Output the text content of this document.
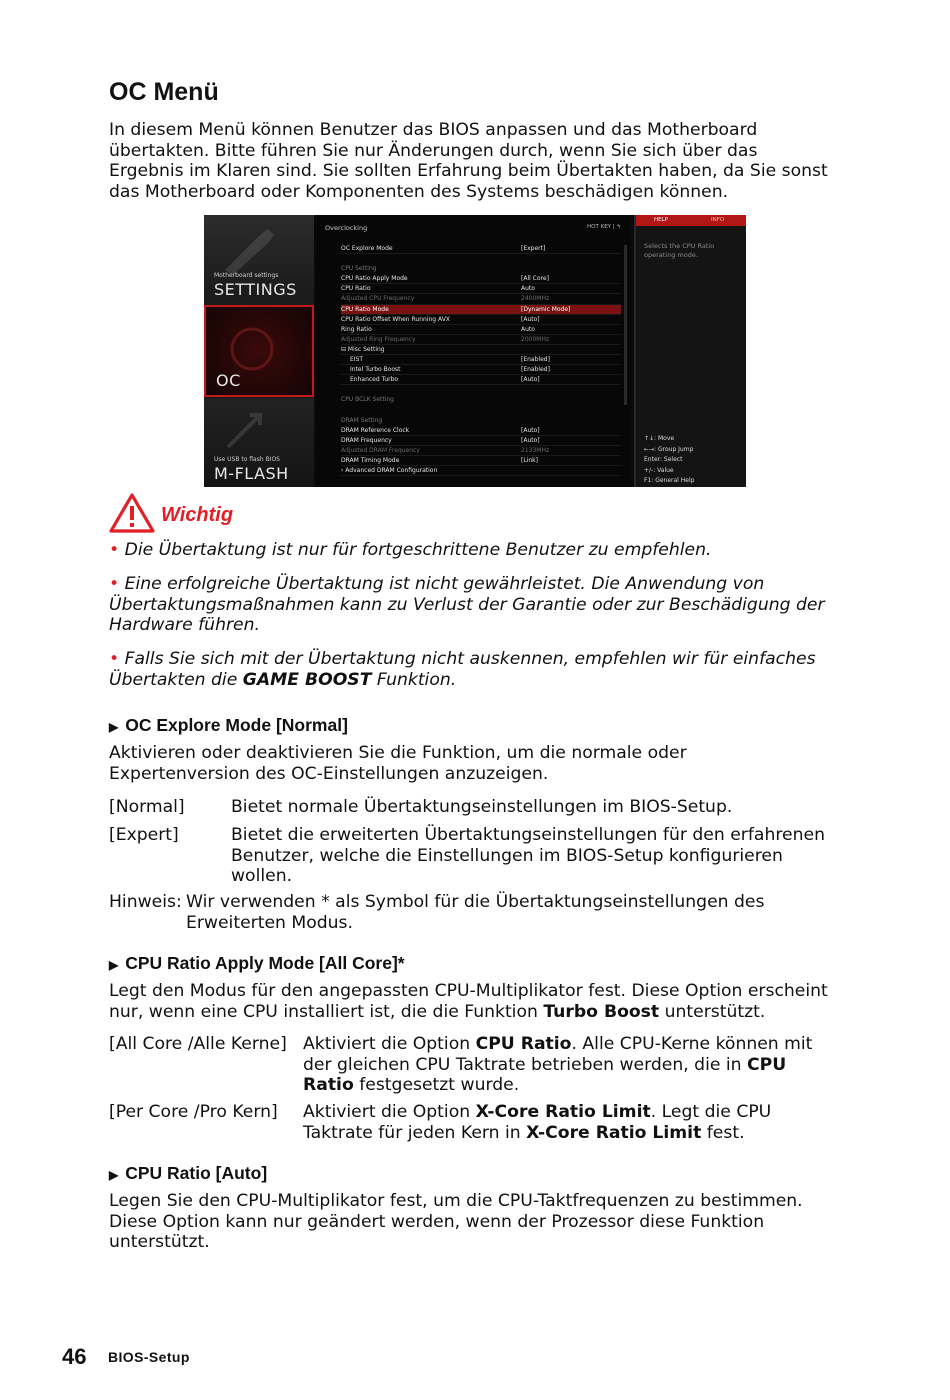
OC Menü

In diesem Menü können Benutzer das BIOS anpassen und das Motherboard übertakten. Bitte führen Sie nur Änderungen durch, wenn Sie sich über das Ergebnis im Klaren sind. Sie sollten Erfahrung beim Übertakten haben, da Sie sonst das Motherboard oder Komponenten des Systems beschädigen können.

Motherboard settings
SETTINGS
OC
Use USB to flash BIOS
M-FLASH
Overclocking	HOT KEY | ↰
OC Explore Mode	[Expert]
CPU Setting
CPU Ratio Apply Mode	[All Core]
CPU Ratio	Auto
Adjusted CPU Frequency	2400MHz
CPU Ratio Mode	[Dynamic Mode]
CPU Ratio Offset When Running AVX	[Auto]
Ring Ratio	Auto
Adjusted Ring Frequency	2000MHz
⊟ Misc Setting
EIST	[Enabled]
Intel Turbo Boost	[Enabled]
Enhanced Turbo	[Auto]
CPU BCLK Setting
DRAM Setting
DRAM Reference Clock	[Auto]
DRAM Frequency	[Auto]
Adjusted DRAM Frequency	2133MHz
DRAM Timing Mode	[Link]
› Advanced DRAM Configuration
HELP	INFO
Selects the CPU Ratio operating mode.
↑↓: Move
←→: Group Jump
Enter: Select
+/-: Value
F1: General Help
Wichtig

• Die Übertaktung ist nur für fortgeschrittene Benutzer zu empfehlen.

• Eine erfolgreiche Übertaktung ist nicht gewährleistet. Die Anwendung von Übertaktungsmaßnahmen kann zu Verlust der Garantie oder zur Beschädigung der Hardware führen.

• Falls Sie sich mit der Übertaktung nicht auskennen, empfehlen wir für einfaches Übertakten die GAME BOOST Funktion.

▶ OC Explore Mode [Normal]

Aktivieren oder deaktivieren Sie die Funktion, um die normale oder Expertenversion des OC-Einstellungen anzuzeigen.

[Normal]	Bietet normale Übertaktungseinstellungen im BIOS-Setup.
[Expert]	Bietet die erweiterten Übertaktungseinstellungen für den erfahrenen Benutzer, welche die Einstellungen im BIOS-Setup konfigurieren wollen.
Hinweis: Wir verwenden * als Symbol für die Übertaktungseinstellungen des Erweiterten Modus.
▶ CPU Ratio Apply Mode [All Core]*

Legt den Modus für den angepassten CPU-Multiplikator fest. Diese Option erscheint nur, wenn eine CPU installiert ist, die die Funktion Turbo Boost unterstützt.

[All Core /Alle Kerne] Aktiviert die Option CPU Ratio. Alle CPU-Kerne können mit der gleichen CPU Taktrate betrieben werden, die in CPU Ratio festgesetzt wurde.

[Per Core /Pro Kern] Aktiviert die Option X-Core Ratio Limit. Legt die CPU Taktrate für jeden Kern in X-Core Ratio Limit fest.

▶ CPU Ratio [Auto]

Legen Sie den CPU-Multiplikator fest, um die CPU-Taktfrequenzen zu bestimmen. Diese Option kann nur geändert werden, wenn der Prozessor diese Funktion unterstützt.

46 BIOS-Setup
